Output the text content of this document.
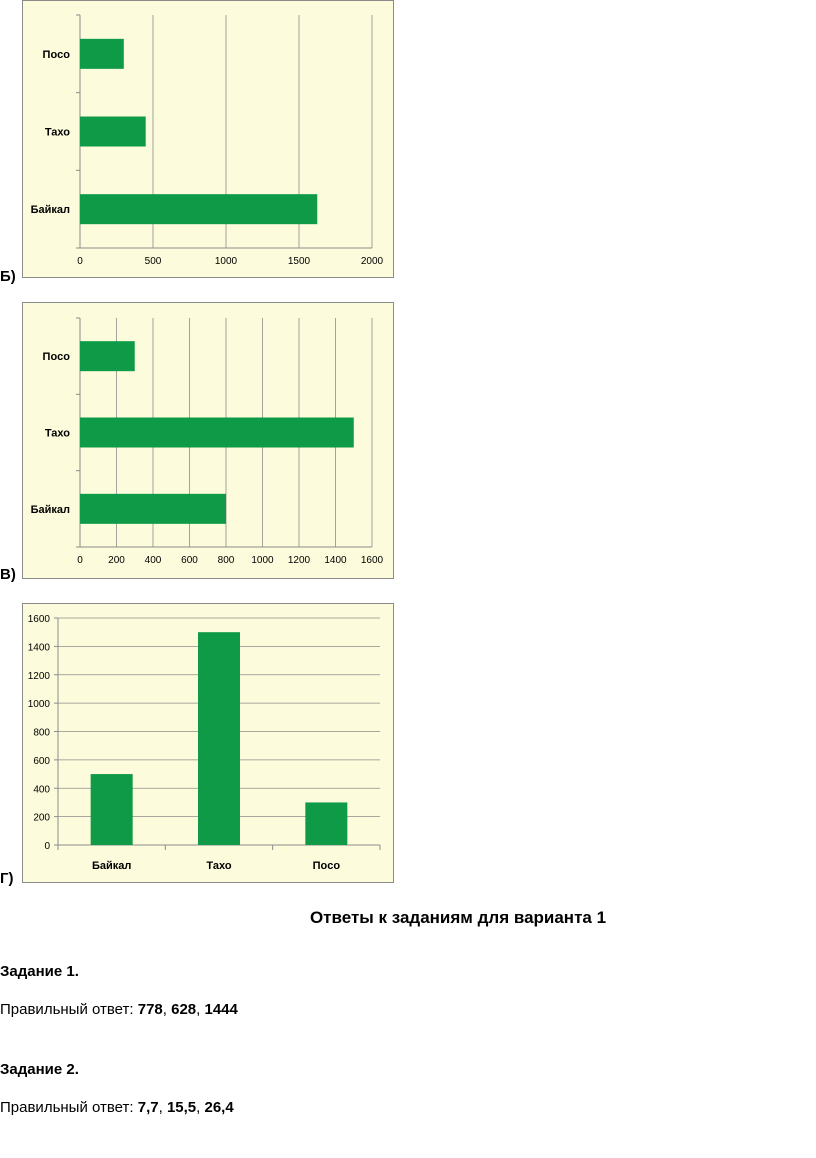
0	500	1000	1500	2000
Поco
Тахо
Байкал
Б)
0	200 400 600 800 1000 1200 1400 1600
Поco
Тахо
Байкал
В)
0
200
400
600
800
1000
1200
1400
1600
Байкал	Тахо	Поco
Г)
Ответы к заданиям для варианта 1
Задание 1.
Правильный ответ: 778, 628, 1444
Задание 2.
Правильный ответ: 7,7, 15,5, 26,4
